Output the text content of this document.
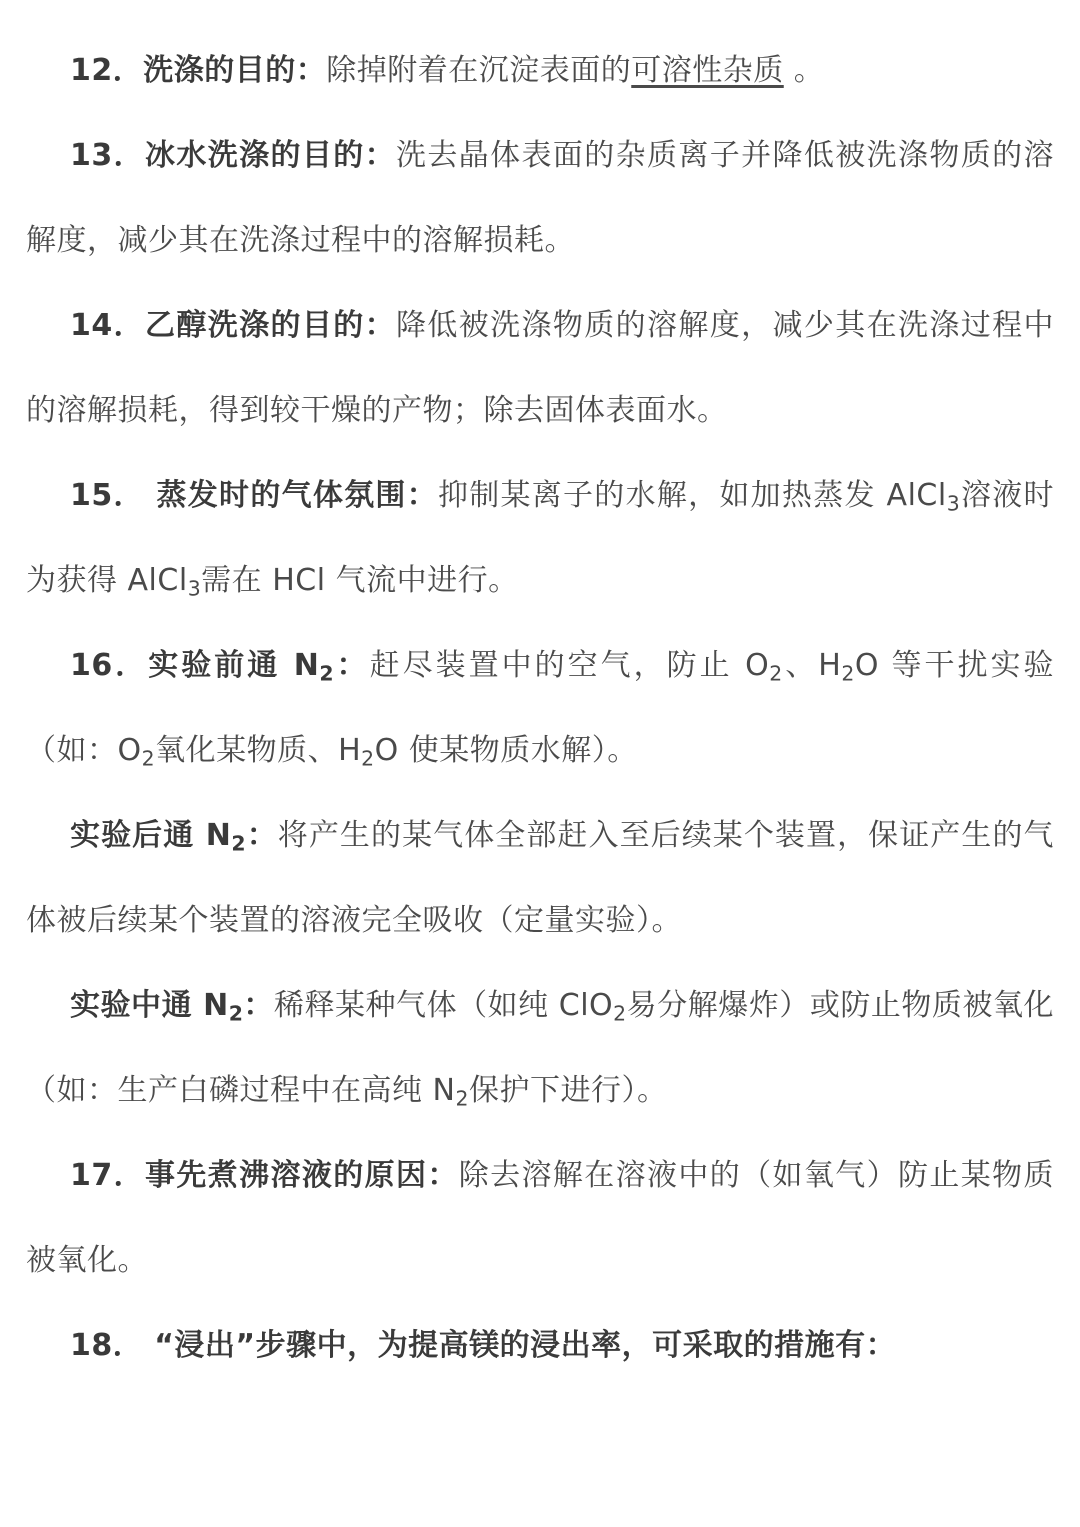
12．洗涤的目的：除掉附着在沉淀表面的可溶性杂质 。

13．冰水洗涤的目的：洗去晶体表面的杂质离子并降低被洗涤物质的溶解度，减少其在洗涤过程中的溶解损耗。

14．乙醇洗涤的目的：降低被洗涤物质的溶解度，减少其在洗涤过程中的溶解损耗，得到较干燥的产物；除去固体表面水。

15． 蒸发时的气体氛围：抑制某离子的水解，如加热蒸发 AlCl$_3$溶液时为获得 AlCl$_3$需在 HCl 气流中进行。

16．实验前通 $N_2$：赶尽装置中的空气，防止 $O_2$、$H_2O$ 等干扰实验（如：$O_2$氧化某物质、$H_2O$ 使某物质水解）。

实验后通 $N_2$：将产生的某气体全部赶入至后续某个装置，保证产生的气体被后续某个装置的溶液完全吸收（定量实验）。

实验中通 $N_2$：稀释某种气体（如纯 ClO$_2$易分解爆炸）或防止物质被氧化（如：生产白磷过程中在高纯 $N_2$保护下进行）。

17．事先煮沸溶液的原因：除去溶解在溶液中的（如氧气）防止某物质被氧化。

18． “浸出”步骤中，为提高镁的浸出率，可采取的措施有：
